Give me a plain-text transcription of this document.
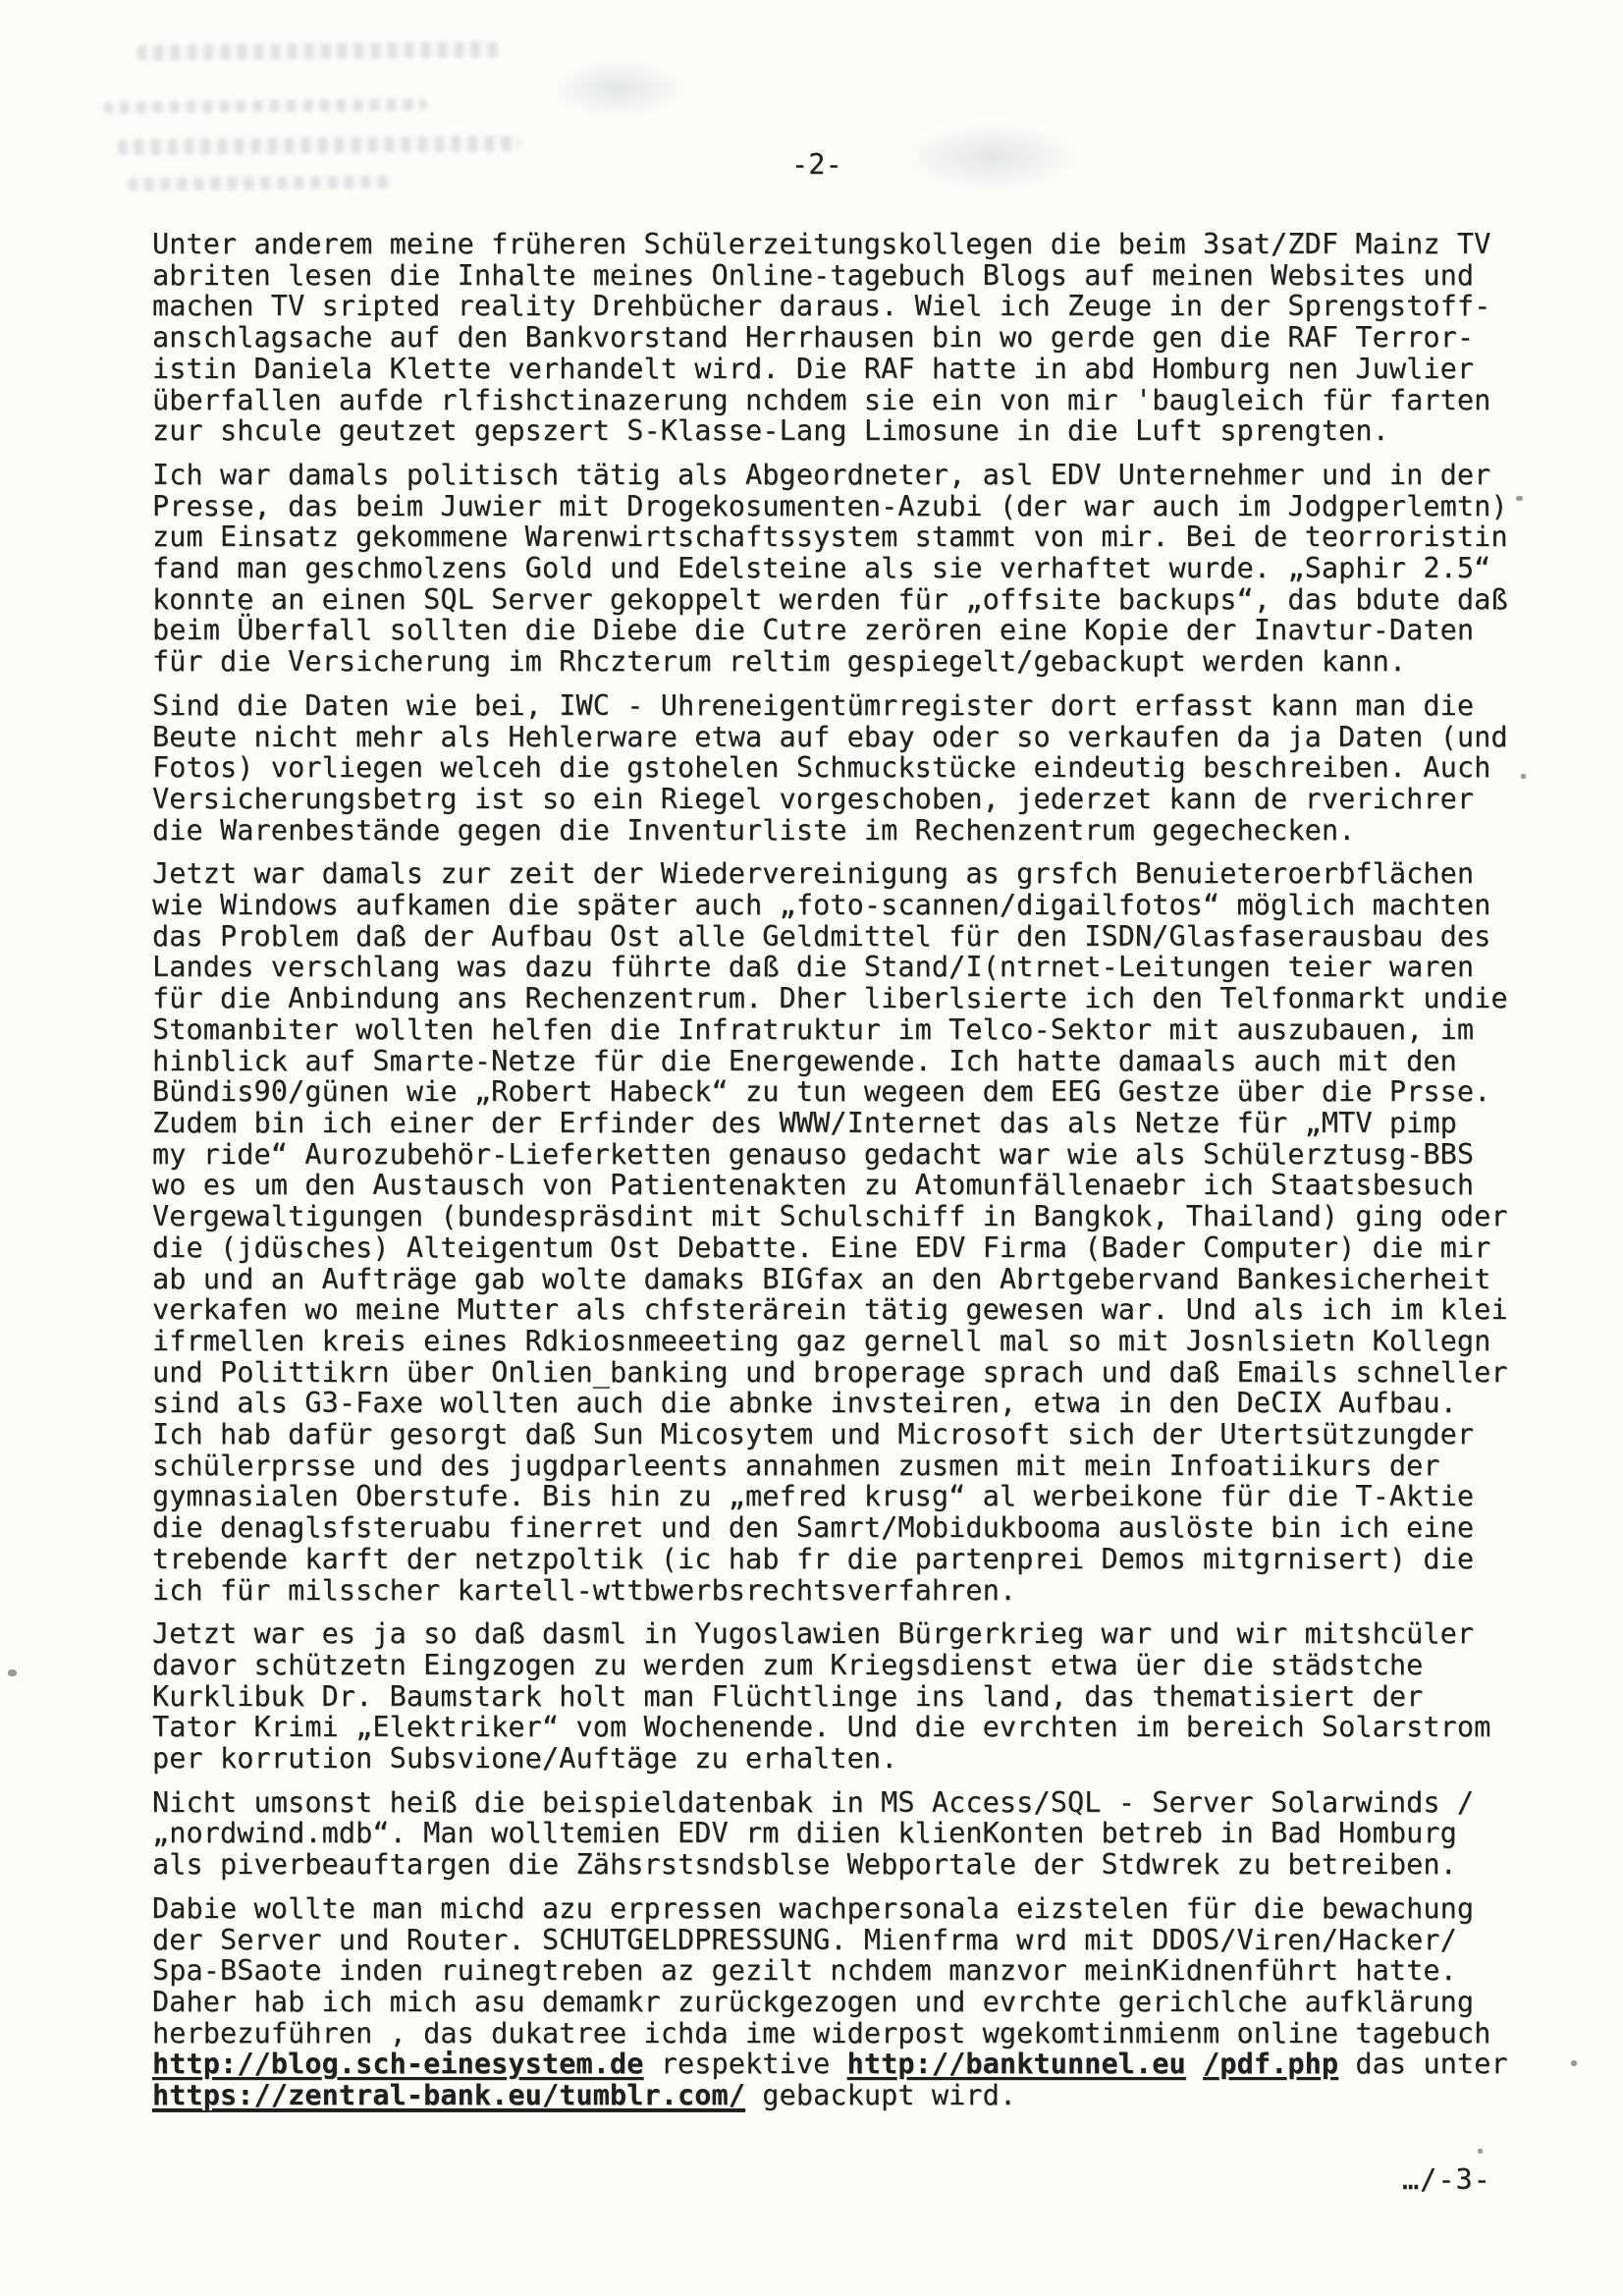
-2-
Unter anderem meine früheren Schülerzeitungskollegen die beim 3sat/ZDF Mainz TV
abriten lesen die Inhalte meines Online-tagebuch Blogs auf meinen Websites und
machen TV sripted reality Drehbücher daraus. Wiel ich Zeuge in der Sprengstoff-
anschlagsache auf den Bankvorstand Herrhausen bin wo gerde gen die RAF Terror-
istin Daniela Klette verhandelt wird. Die RAF hatte in abd Homburg nen Juwlier
überfallen aufde rlfishctinazerung nchdem sie ein von mir 'baugleich für farten
zur shcule geutzet gepszert S-Klasse-Lang Limosune in die Luft sprengten.
Ich war damals politisch tätig als Abgeordneter, asl EDV Unternehmer und in der
Presse, das beim Juwier mit Drogekosumenten-Azubi (der war auch im Jodgperlemtn)
zum Einsatz gekommene Warenwirtschaftssystem stammt von mir. Bei de teorroristin
fand man geschmolzens Gold und Edelsteine als sie verhaftet wurde. „Saphir 2.5“
konnte an einen SQL Server gekoppelt werden für „offsite backups“, das bdute daß
beim Überfall sollten die Diebe die Cutre zerören eine Kopie der Inavtur-Daten
für die Versicherung im Rhczterum reltim gespiegelt/gebackupt werden kann.
Sind die Daten wie bei, IWC - Uhreneigentümrregister dort erfasst kann man die
Beute nicht mehr als Hehlerware etwa auf ebay oder so verkaufen da ja Daten (und
Fotos) vorliegen welceh die gstohelen Schmuckstücke eindeutig beschreiben. Auch
Versicherungsbetrg ist so ein Riegel vorgeschoben, jederzet kann de rverichrer
die Warenbestände gegen die Inventurliste im Rechenzentrum gegechecken.
Jetzt war damals zur zeit der Wiedervereinigung as grsfch Benuieteroerbflächen
wie Windows aufkamen die später auch „foto-scannen/digailfotos“ möglich machten
das Problem daß der Aufbau Ost alle Geldmittel für den ISDN/Glasfaserausbau des
Landes verschlang was dazu führte daß die Stand/I(ntrnet-Leitungen teier waren
für die Anbindung ans Rechenzentrum. Dher liberlsierte ich den Telfonmarkt undie
Stomanbiter wollten helfen die Infratruktur im Telco-Sektor mit auszubauen, im
hinblick auf Smarte-Netze für die Energewende. Ich hatte damaals auch mit den
Bündis90/günen wie „Robert Habeck“ zu tun wegeen dem EEG Gestze über die Prsse.
Zudem bin ich einer der Erfinder des WWW/Internet das als Netze für „MTV pimp
my ride“ Aurozubehör-Lieferketten genauso gedacht war wie als Schülerztusg-BBS
wo es um den Austausch von Patientenakten zu Atomunfällenaebr ich Staatsbesuch
Vergewaltigungen (bundespräsdint mit Schulschiff in Bangkok, Thailand) ging oder
die (jdüsches) Alteigentum Ost Debatte. Eine EDV Firma (Bader Computer) die mir
ab und an Aufträge gab wolte damaks BIGfax an den Abrtgebervand Bankesicherheit
verkafen wo meine Mutter als chfsterärein tätig gewesen war. Und als ich im klei
ifrmellen kreis eines Rdkiosnmeeeting gaz gernell mal so mit Josnlsietn Kollegn
und Polittikrn über Onlien_banking und broperage sprach und daß Emails schneller
sind als G3-Faxe wollten auch die abnke invsteiren, etwa in den DeCIX Aufbau.
Ich hab dafür gesorgt daß Sun Micosytem und Microsoft sich der Utertsützungder
schülerprsse und des jugdparleents annahmen zusmen mit mein Infoatiikurs der
gymnasialen Oberstufe. Bis hin zu „mefred krusg“ al werbeikone für die T-Aktie
die denaglsfsteruabu finerret und den Samrt/Mobidukbooma auslöste bin ich eine
trebende karft der netzpoltik (ic hab fr die partenprei Demos mitgrnisert) die
ich für milsscher kartell-wttbwerbsrechtsverfahren.
Jetzt war es ja so daß dasml in Yugoslawien Bürgerkrieg war und wir mitshcüler
davor schützetn Eingzogen zu werden zum Kriegsdienst etwa üer die städstche
Kurklibuk Dr. Baumstark holt man Flüchtlinge ins land, das thematisiert der
Tator Krimi „Elektriker“ vom Wochenende. Und die evrchten im bereich Solarstrom
per korrution Subsvione/Auftäge zu erhalten.
Nicht umsonst heiß die beispieldatenbak in MS Access/SQL - Server Solarwinds /
„nordwind.mdb“. Man wolltemien EDV rm diien klienKonten betreb in Bad Homburg
als piverbeauftargen die Zähsrstsndsblse Webportale der Stdwrek zu betreiben.
Dabie wollte man michd azu erpressen wachpersonala eizstelen für die bewachung
der Server und Router. SCHUTGELDPRESSUNG. Mienfrma wrd mit DDOS/Viren/Hacker/
Spa-BSaote inden ruinegtreben az gezilt nchdem manzvor meinKidnenführt hatte.
Daher hab ich mich asu demamkr zurückgezogen und evrchte gerichlche aufklärung
herbezuführen , das dukatree ichda ime widerpost wgekomtinmienm online tagebuch
http://blog.sch-einesystem.de respektive http://banktunnel.eu /pdf.php das unter
https://zentral-bank.eu/tumblr.com/ gebackupt wird.
…/-3-
